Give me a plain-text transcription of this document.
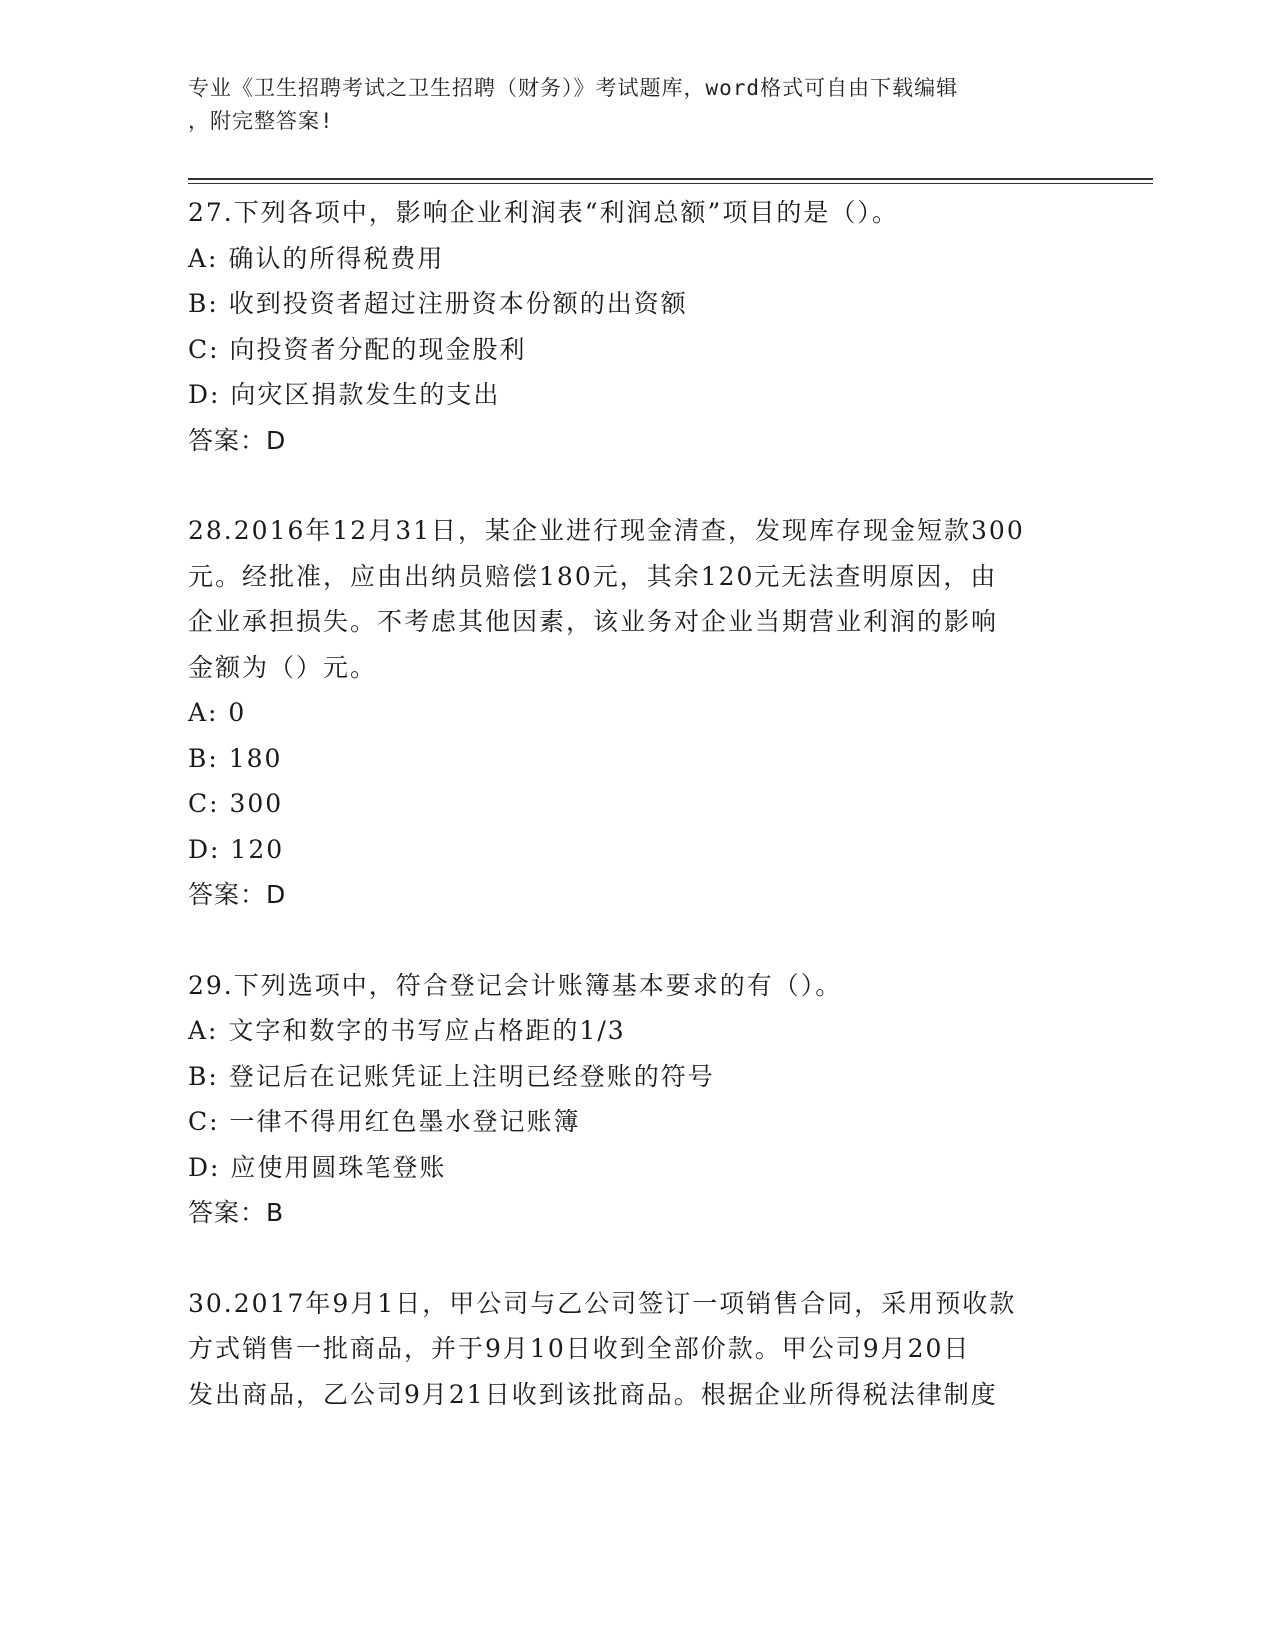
专业《卫生招聘考试之卫生招聘（财务）》考试题库，word格式可自由下载编辑
，附完整答案!
27.下列各项中，影响企业利润表“利润总额”项目的是（）。
A: 确认的所得税费用
B: 收到投资者超过注册资本份额的出资额
C: 向投资者分配的现金股利
D: 向灾区捐款发生的支出
答案：D
28.2016年12月31日，某企业进行现金清查，发现库存现金短款300
元。经批准，应由出纳员赔偿180元，其余120元无法查明原因，由
企业承担损失。不考虑其他因素，该业务对企业当期营业利润的影响
金额为（）元。
A: 0
B: 180
C: 300
D: 120
答案：D
29.下列选项中，符合登记会计账簿基本要求的有（）。
A: 文字和数字的书写应占格距的1/3
B: 登记后在记账凭证上注明已经登账的符号
C: 一律不得用红色墨水登记账簿
D: 应使用圆珠笔登账
答案：B
30.2017年9月1日，甲公司与乙公司签订一项销售合同，采用预收款
方式销售一批商品，并于9月10日收到全部价款。甲公司9月20日
发出商品，乙公司9月21日收到该批商品。根据企业所得税法律制度
